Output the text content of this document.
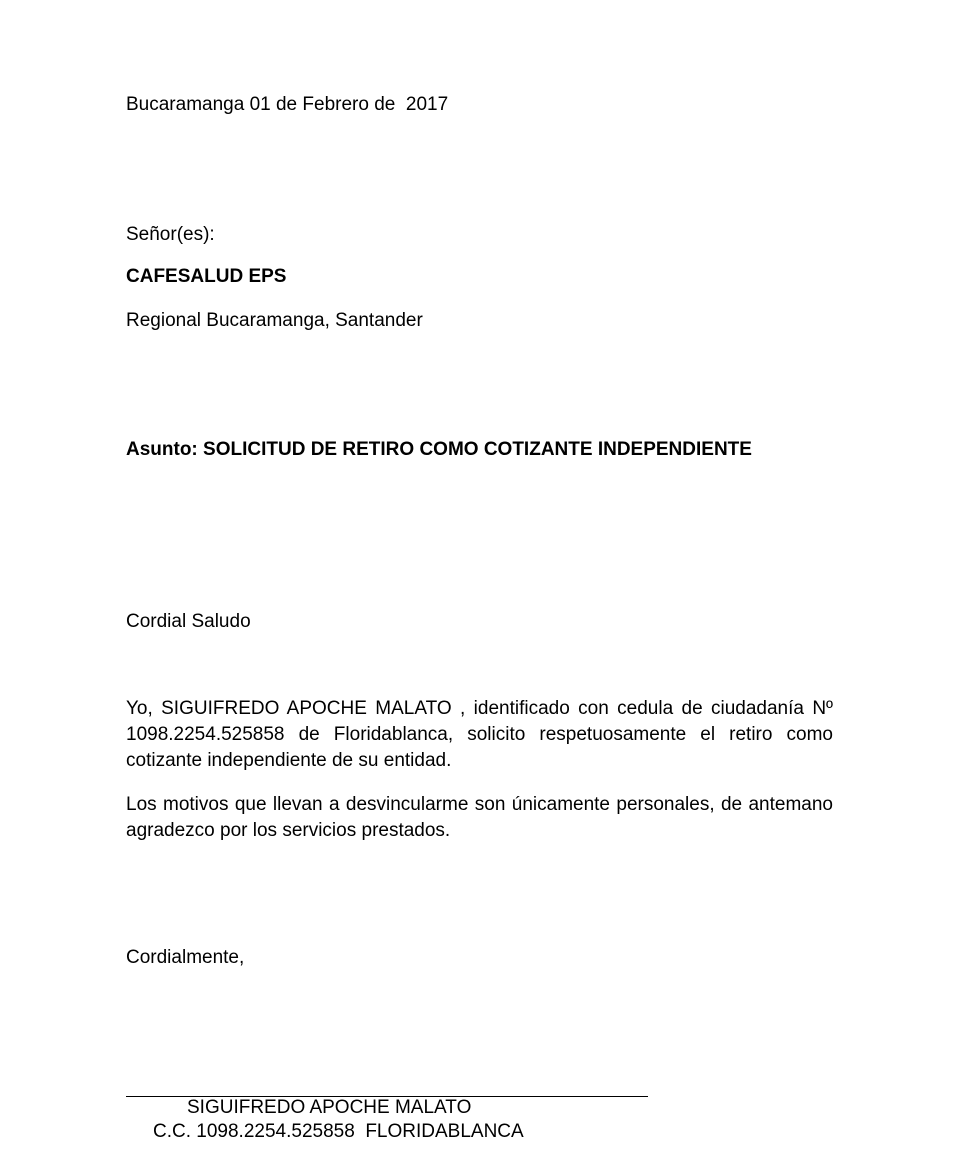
Bucaramanga 01 de Febrero de  2017
Señor(es):
CAFESALUD EPS
Regional Bucaramanga, Santander
Asunto: SOLICITUD DE RETIRO COMO COTIZANTE INDEPENDIENTE
Cordial Saludo
Yo, SIGUIFREDO APOCHE MALATO , identificado con cedula de ciudadanía Nº 1098.2254.525858 de Floridablanca, solicito respetuosamente el retiro como cotizante independiente de su entidad.
Los motivos que llevan a desvincularme son únicamente personales, de antemano agradezco por los servicios prestados.
Cordialmente,
SIGUIFREDO APOCHE MALATO
C.C. 1098.2254.525858  FLORIDABLANCA
